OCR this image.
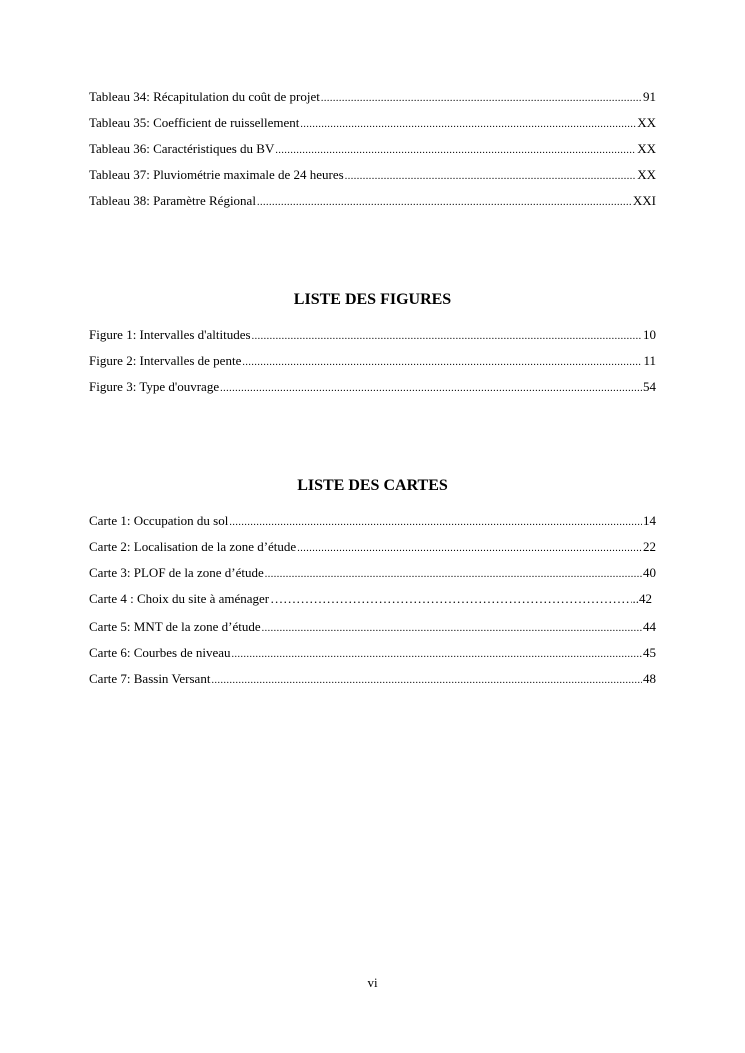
Tableau 34: Récapitulation du coût de projet .....	91
Tableau 35: Coefficient de ruissellement .....	XX
Tableau 36: Caractéristiques du BV .....	XX
Tableau 37: Pluviométrie maximale de 24 heures .....	XX
Tableau 38: Paramètre Régional .....	XXI
LISTE DES FIGURES
Figure 1: Intervalles d'altitudes .....	10
Figure 2: Intervalles de pente .....	11
Figure 3: Type d'ouvrage .....	54
LISTE DES CARTES
Carte 1: Occupation du sol .....	14
Carte 2: Localisation de la zone d’étude .....	22
Carte 3: PLOF de la zone d’étude .....	40
Carte 4 : Choix du site à aménager ……………………………………………………………………………………………………………………………………………………………………	..42
Carte 5: MNT de la zone d’étude .....	44
Carte 6: Courbes de niveau .....	45
Carte 7: Bassin Versant .....	48
vi
